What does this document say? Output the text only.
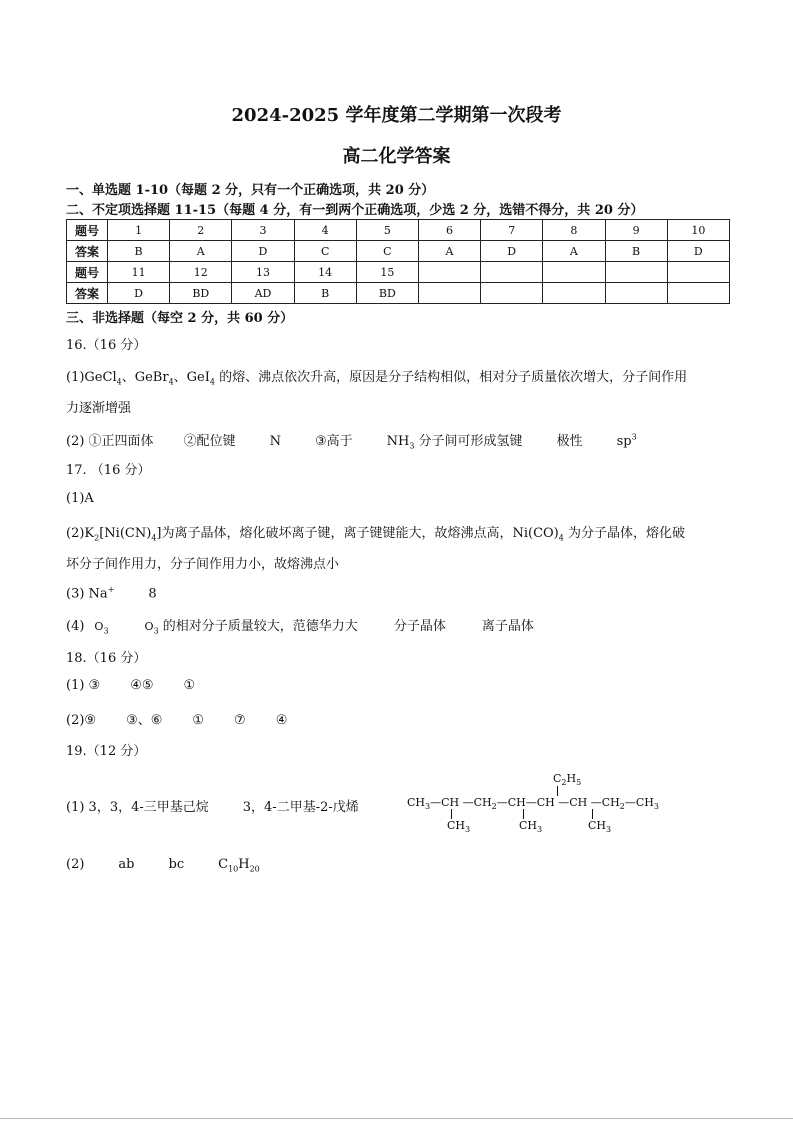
2024-2025 学年度第二学期第一次段考
高二化学答案
一、单选题 1-10（每题 2 分，只有一个正确选项，共 20 分）
二、不定项选择题 11-15（每题 4 分，有一到两个正确选项，少选 2 分，选错不得分，共 20 分）
题号	1	2	3	4	5	6	7	8	9	10
答案	B	A	D	C	C	A	D	A	B	D
题号	11	12	13	14	15					
答案	D	BD	AD	B	BD					
三、非选择题（每空 2 分，共 60 分）
16.（16 分）
(1)GeCl$_4$、GeBr$_4$、GeI$_4$ 的熔、沸点依次升高，原因是分子结构相似，相对分子质量依次增大，分子间作用
力逐渐增强
(2) ①正四面体 ②配位键	N	③高于	$NH_3$ 分子间可形成氢键	极性	$sp^3$
17. （16 分）
(1)A
$(2)K_2[Ni(CN)_4]$为离子晶体，熔化破坏离子键，离子键键能大，故熔沸点高，$Ni(CO)_4$ 为分子晶体，熔化破
坏分子间作用力，分子间作用力小，故熔沸点小
(3) Na+	8
(4) $O_3$	$O_3$ 的相对分子质量较大，范德华力大	分子晶体	离子晶体
18.（16 分）
(1) ③ ④⑤ ①
(2)⑨ ③、⑥ ① ⑦ ④
19.（12 分）
(1) 3，3，4-三甲基己烷	3，4-二甲基-2-戊烯
$C_2H_5$
$CH_3—CH$ $—CH_2—CH—CH$ —CH $—CH_2—CH_3$
$CH_3$	$CH_3$	$CH_3$
(2)	ab	bc	$C_{10}H_{20}$
